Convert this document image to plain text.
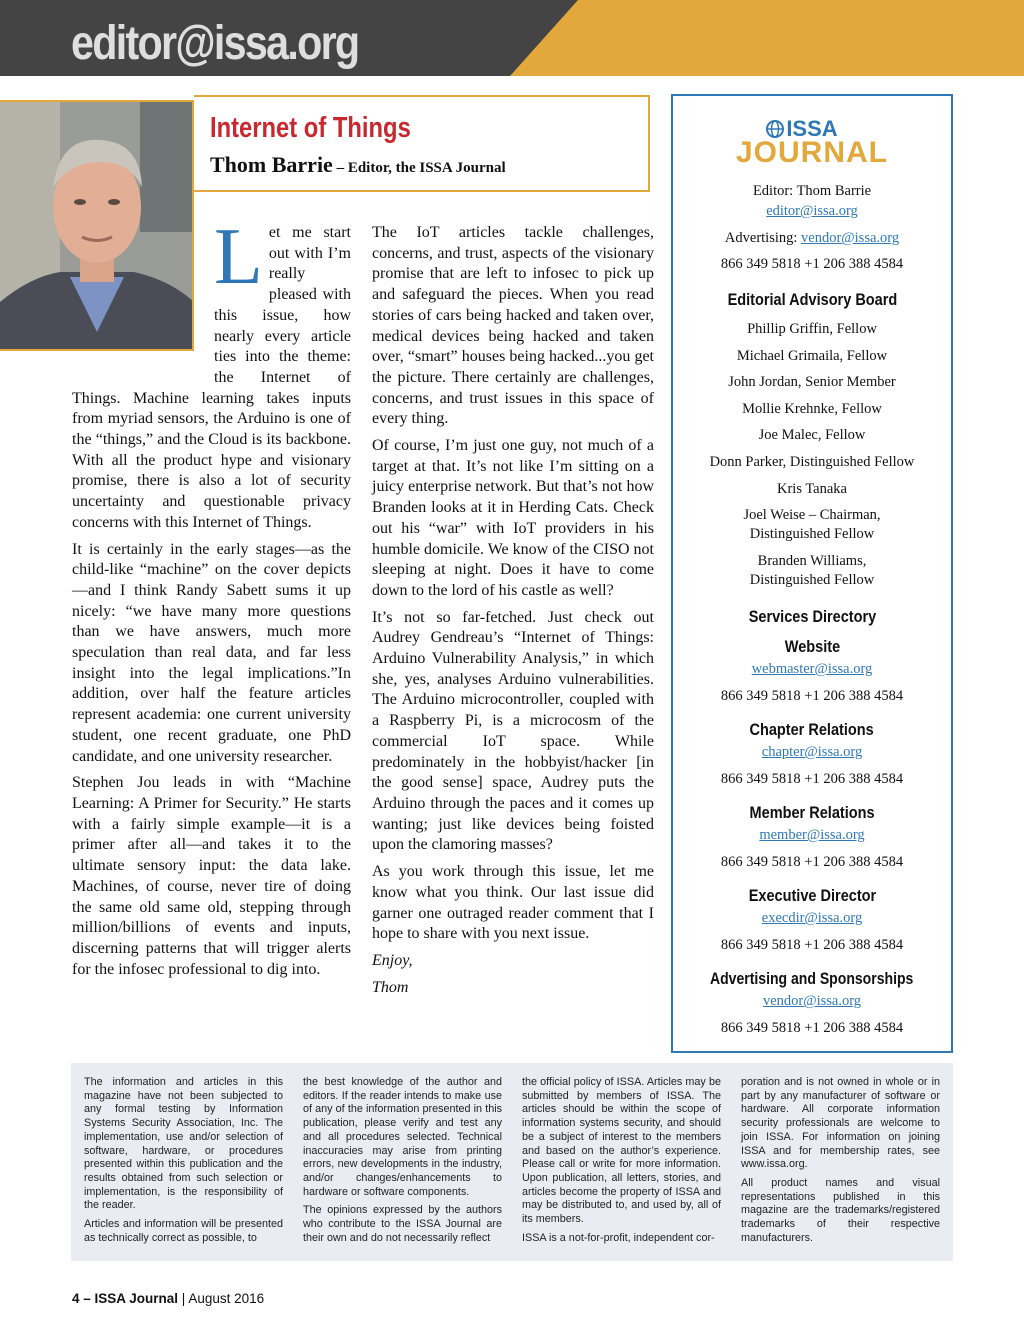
editor@issa.org
Internet of Things
Thom Barrie – Editor, the ISSA Journal
L et me start out with I’m really pleased with this issue, how nearly every article ties into the theme: the Internet of Things. Machine learning takes inputs from myriad sensors, the Arduino is one of the “things,” and the Cloud is its backbone. With all the product hype and visionary promise, there is also a lot of security uncertainty and questionable privacy concerns with this Internet of Things.

It is certainly in the early stages—as the child-like “machine” on the cover depicts—and I think Randy Sabett sums it up nicely: “we have many more questions than we have answers, much more speculation than real data, and far less insight into the legal implications.”In addition, over half the feature articles represent academia: one current university student, one recent graduate, one PhD candidate, and one university researcher.

Stephen Jou leads in with “Machine Learning: A Primer for Security.” He starts with a fairly simple example—it is a primer after all—and takes it to the ultimate sensory input: the data lake. Machines, of course, never tire of doing the same old same old, stepping through million/billions of events and inputs, discerning patterns that will trigger alerts for the infosec professional to dig into.

The IoT articles tackle challenges, concerns, and trust, aspects of the visionary promise that are left to infosec to pick up and safeguard the pieces. When you read stories of cars being hacked and taken over, medical devices being hacked and taken over, “smart” houses being hacked...you get the picture. There certainly are challenges, concerns, and trust issues in this space of every thing.

Of course, I’m just one guy, not much of a target at that. It’s not like I’m sitting on a juicy enterprise network. But that’s not how Branden looks at it in Herding Cats. Check out his “war” with IoT providers in his humble domicile. We know of the CISO not sleeping at night. Does it have to come down to the lord of his castle as well?

It’s not so far-fetched. Just check out Audrey Gendreau’s “Internet of Things: Arduino Vulnerability Analysis,” in which she, yes, analyses Arduino vulnerabilities. The Arduino microcontroller, coupled with a Raspberry Pi, is a microcosm of the commercial IoT space. While predominately in the hobbyist/hacker [in the good sense] space, Audrey puts the Arduino through the paces and it comes up wanting; just like devices being foisted upon the clamoring masses?

As you work through this issue, let me know what you think. Our last issue did garner one outraged reader comment that I hope to share with you next issue.

Enjoy,

Thom

ISSA
JOURNAL
Editor: Thom Barrie
editor@issa.org
Advertising: vendor@issa.org
866 349 5818 +1 206 388 4584
Editorial Advisory Board
Phillip Griffin, Fellow
Michael Grimaila, Fellow
John Jordan, Senior Member
Mollie Krehnke, Fellow
Joe Malec, Fellow
Donn Parker, Distinguished Fellow
Kris Tanaka
Joel Weise – Chairman,
Distinguished Fellow
Branden Williams,
Distinguished Fellow
Services Directory
Website
webmaster@issa.org
866 349 5818 +1 206 388 4584
Chapter Relations
chapter@issa.org
866 349 5818 +1 206 388 4584
Member Relations
member@issa.org
866 349 5818 +1 206 388 4584
Executive Director
execdir@issa.org
866 349 5818 +1 206 388 4584
Advertising and Sponsorships
vendor@issa.org
866 349 5818 +1 206 388 4584

The information and articles in this magazine have not been subjected to any formal testing by Information Systems Security Association, Inc. The implementation, use and/or selection of software, hardware, or procedures presented within this publication and the results obtained from such selection or implementation, is the responsibility of the reader.

Articles and information will be presented as technically correct as possible, to

the best knowledge of the author and editors. If the reader intends to make use of any of the information presented in this publication, please verify and test any and all procedures selected. Technical inaccuracies may arise from printing errors, new developments in the industry, and/or changes/enhancements to hardware or software components.

The opinions expressed by the authors who contribute to the ISSA Journal are their own and do not necessarily reflect

the official policy of ISSA. Articles may be submitted by members of ISSA. The articles should be within the scope of information systems security, and should be a subject of interest to the members and based on the author’s experience. Please call or write for more information. Upon publication, all letters, stories, and articles become the property of ISSA and may be distributed to, and used by, all of its members.

ISSA is a not-for-profit, independent cor-

poration and is not owned in whole or in part by any manufacturer of software or hardware. All corporate information security professionals are welcome to join ISSA. For information on joining ISSA and for membership rates, see www.issa.org.

All product names and visual representations published in this magazine are the trademarks/registered trademarks of their respective manufacturers.

4 – ISSA Journal | August 2016
